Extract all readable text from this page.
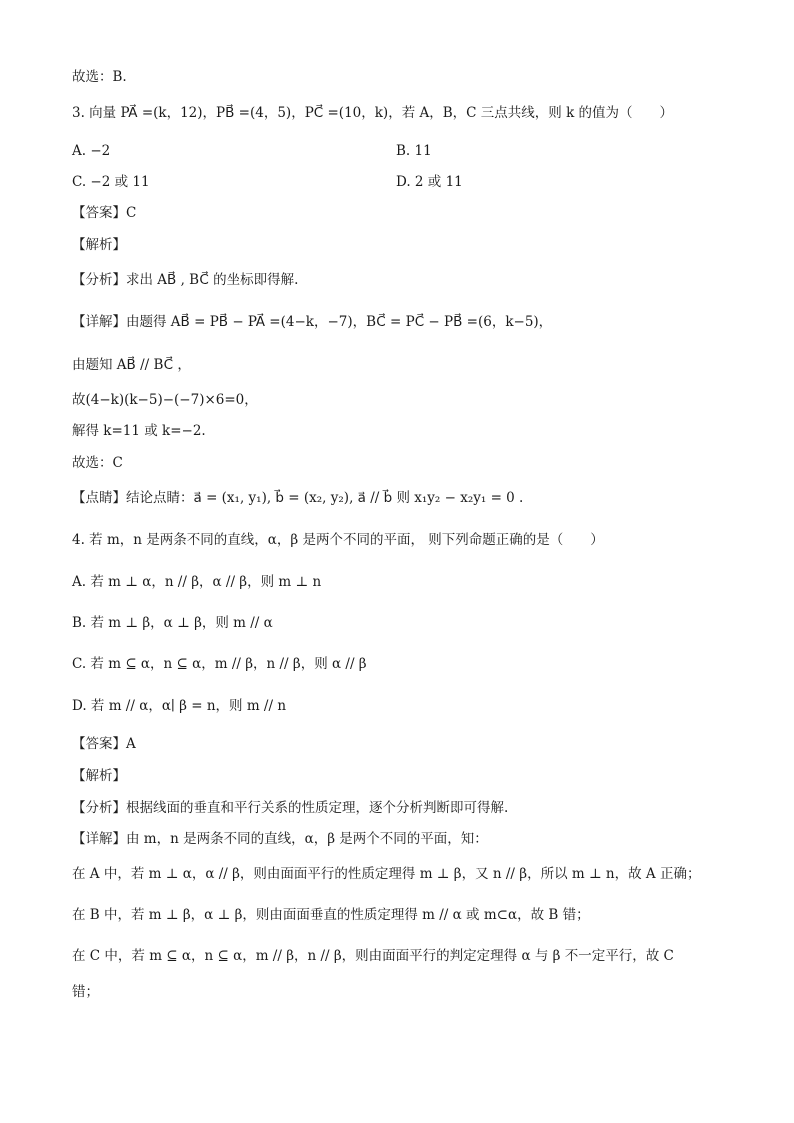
故选：B.
3. 向量 PA⃗ =(k，12)，PB⃗ =(4，5)，PC⃗ =(10，k)，若 A，B，C 三点共线，则 k 的值为（　　）
A. −2	B. 11
C. −2 或 11	D. 2 或 11
【答案】C
【解析】
【分析】求出 AB⃗ , BC⃗ 的坐标即得解.
【详解】由题得 AB⃗ = PB⃗ − PA⃗ =(4−k，−7)，BC⃗ = PC⃗ − PB⃗ =(6，k−5)，
由题知 AB⃗ // BC⃗ ，
故(4−k)(k−5)−(−7)×6=0，
解得 k=11 或 k=−2.
故选：C
【点睛】结论点睛：a⃗ = (x₁, y₁), b⃗ = (x₂, y₂), a⃗ // b⃗ 则 x₁y₂ − x₂y₁ = 0 .
4. 若 m，n 是两条不同的直线，α，β 是两个不同的平面， 则下列命题正确的是（　　）
A. 若 m ⊥ α，n // β，α // β，则 m ⊥ n
B. 若 m ⊥ β，α ⊥ β，则 m // α
C. 若 m ⊆ α，n ⊆ α，m // β，n // β，则 α // β
D. 若 m // α，α∣ β = n，则 m // n
【答案】A
【解析】
【分析】根据线面的垂直和平行关系的性质定理，逐个分析判断即可得解.
【详解】由 m，n 是两条不同的直线，α，β 是两个不同的平面，知：
在 A 中，若 m ⊥ α，α // β，则由面面平行的性质定理得 m ⊥ β，又 n // β，所以 m ⊥ n，故 A 正确；
在 B 中，若 m ⊥ β，α ⊥ β，则由面面垂直的性质定理得 m // α 或 m⊂α，故 B 错；
在 C 中，若 m ⊆ α，n ⊆ α，m // β，n // β，则由面面平行的判定定理得 α 与 β 不一定平行，故 C
错；
